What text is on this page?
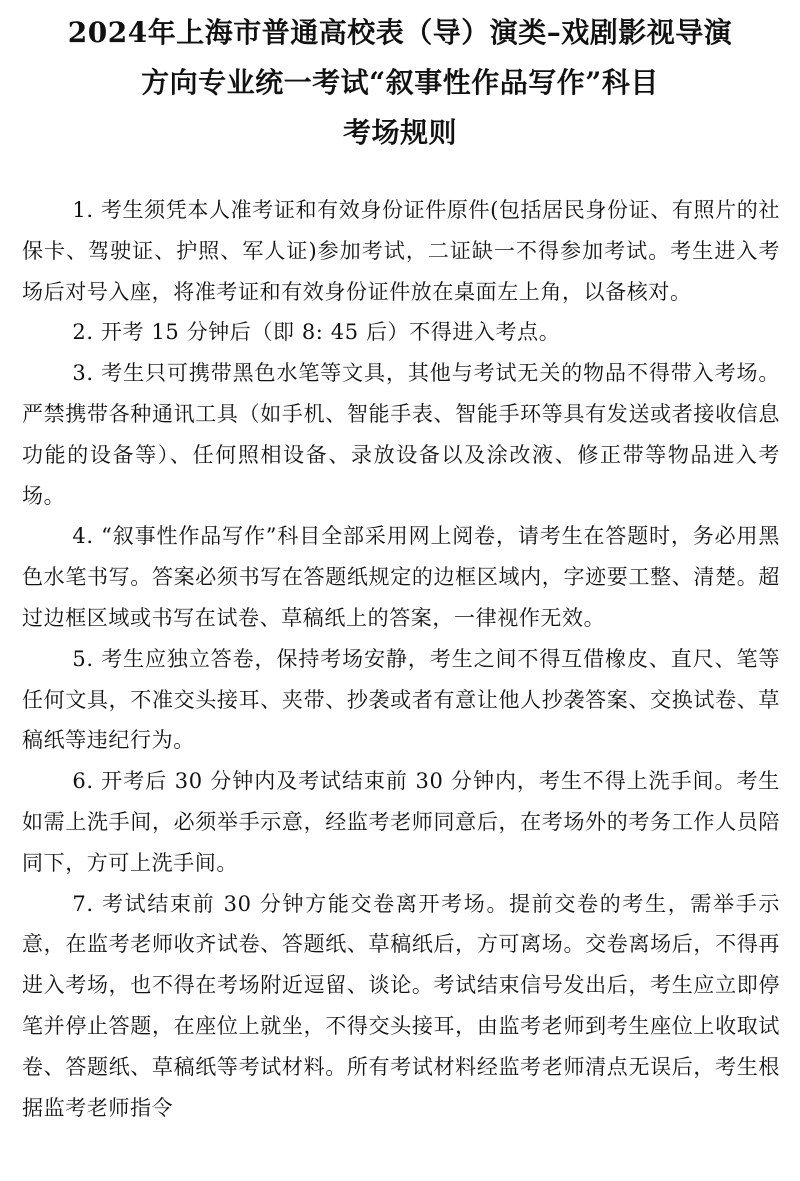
2024年上海市普通高校表（导）演类–戏剧影视导演
方向专业统一考试“叙事性作品写作”科目
考场规则

1. 考生须凭本人准考证和有效身份证件原件(包括居民身份证、有照片的社保卡、驾驶证、护照、军人证)参加考试，二证缺一不得参加考试。考生进入考场后对号入座，将准考证和有效身份证件放在桌面左上角，以备核对。

2. 开考 15 分钟后（即 8: 45 后）不得进入考点。

3. 考生只可携带黑色水笔等文具，其他与考试无关的物品不得带入考场。严禁携带各种通讯工具（如手机、智能手表、智能手环等具有发送或者接收信息功能的设备等）、任何照相设备、录放设备以及涂改液、修正带等物品进入考场。

4. “叙事性作品写作”科目全部采用网上阅卷，请考生在答题时，务必用黑色水笔书写。答案必须书写在答题纸规定的边框区域内，字迹要工整、清楚。超过边框区域或书写在试卷、草稿纸上的答案，一律视作无效。

5. 考生应独立答卷，保持考场安静，考生之间不得互借橡皮、直尺、笔等任何文具，不准交头接耳、夹带、抄袭或者有意让他人抄袭答案、交换试卷、草稿纸等违纪行为。

6. 开考后 30 分钟内及考试结束前 30 分钟内，考生不得上洗手间。考生如需上洗手间，必须举手示意，经监考老师同意后，在考场外的考务工作人员陪同下，方可上洗手间。

7. 考试结束前 30 分钟方能交卷离开考场。提前交卷的考生，需举手示意，在监考老师收齐试卷、答题纸、草稿纸后，方可离场。交卷离场后，不得再进入考场，也不得在考场附近逗留、谈论。考试结束信号发出后，考生应立即停笔并停止答题，在座位上就坐，不得交头接耳，由监考老师到考生座位上收取试卷、答题纸、草稿纸等考试材料。所有考试材料经监考老师清点无误后，考生根据监考老师指令
